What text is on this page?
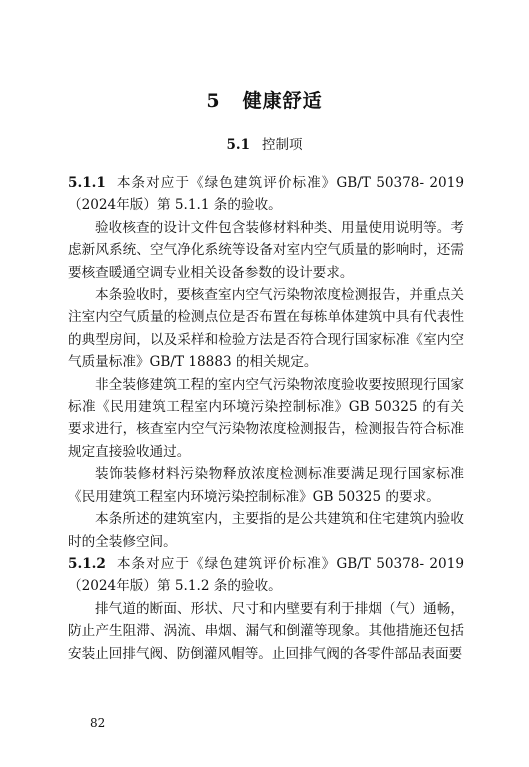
5 健康舒适
5.1 控制项

5.1.1 本条对应于《绿色建筑评价标准》GB/T 50378- 2019（2024年版）第 5.1.1 条的验收。

验收核查的设计文件包含装修材料种类、用量使用说明等。考虑新风系统、空气净化系统等设备对室内空气质量的影响时，还需要核查暖通空调专业相关设备参数的设计要求。

本条验收时，要核查室内空气污染物浓度检测报告，并重点关注室内空气质量的检测点位是否布置在每栋单体建筑中具有代表性的典型房间，以及采样和检验方法是否符合现行国家标准《室内空气质量标准》GB/T 18883 的相关规定。

非全装修建筑工程的室内空气污染物浓度验收要按照现行国家标准《民用建筑工程室内环境污染控制标准》GB 50325 的有关要求进行，核查室内空气污染物浓度检测报告，检测报告符合标准规定直接验收通过。

装饰装修材料污染物释放浓度检测标准要满足现行国家标准《民用建筑工程室内环境污染控制标准》GB 50325 的要求。

本条所述的建筑室内，主要指的是公共建筑和住宅建筑内验收时的全装修空间。

5.1.2 本条对应于《绿色建筑评价标准》GB/T 50378- 2019（2024年版）第 5.1.2 条的验收。

排气道的断面、形状、尺寸和内壁要有利于排烟（气）通畅，防止产生阻滞、涡流、串烟、漏气和倒灌等现象。其他措施还包括安装止回排气阀、防倒灌风帽等。止回排气阀的各零件部品表面要

82
